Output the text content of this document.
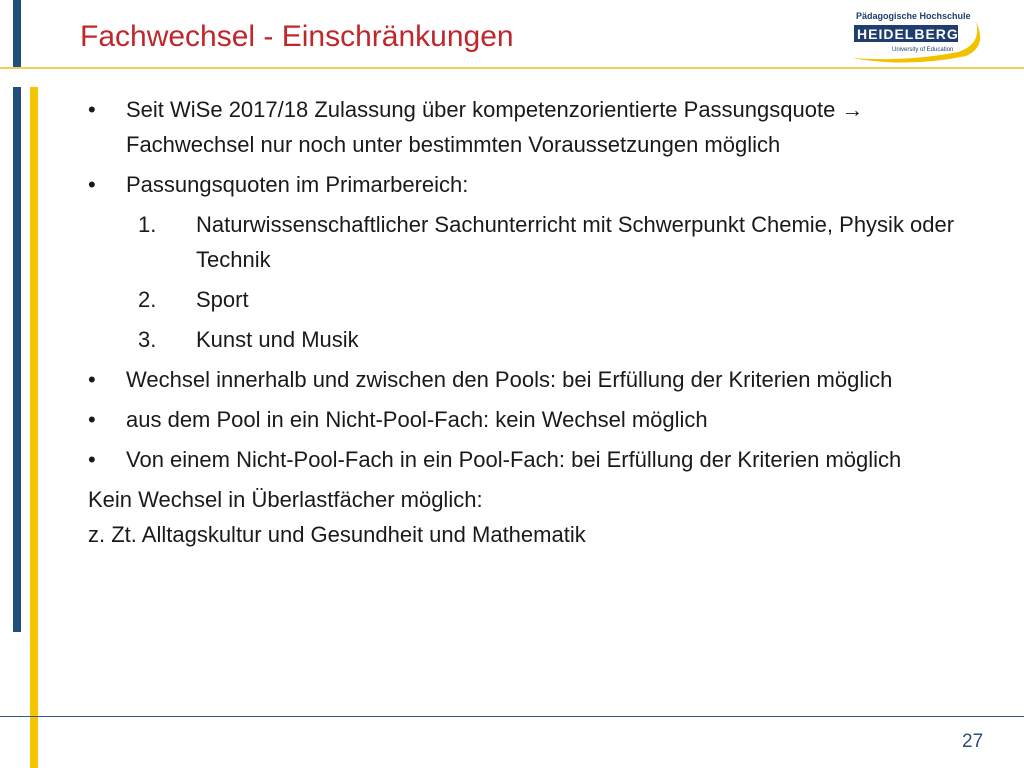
Fachwechsel - Einschränkungen
Pädagogische Hochschule
HEIDELBERG
University of Education
• Seit WiSe 2017/18 Zulassung über kompetenzorientierte Passungsquote → Fachwechsel nur noch unter bestimmten Voraussetzungen möglich
• Passungsquoten im Primarbereich:
1. Naturwissenschaftlicher Sachunterricht mit Schwerpunkt Chemie, Physik oder Technik
2. Sport
3. Kunst und Musik
• Wechsel innerhalb und zwischen den Pools: bei Erfüllung der Kriterien möglich
• aus dem Pool in ein Nicht-Pool-Fach: kein Wechsel möglich
• Von einem Nicht-Pool-Fach in ein Pool-Fach: bei Erfüllung der Kriterien möglich
Kein Wechsel in Überlastfächer möglich:
z. Zt. Alltagskultur und Gesundheit und Mathematik
27
